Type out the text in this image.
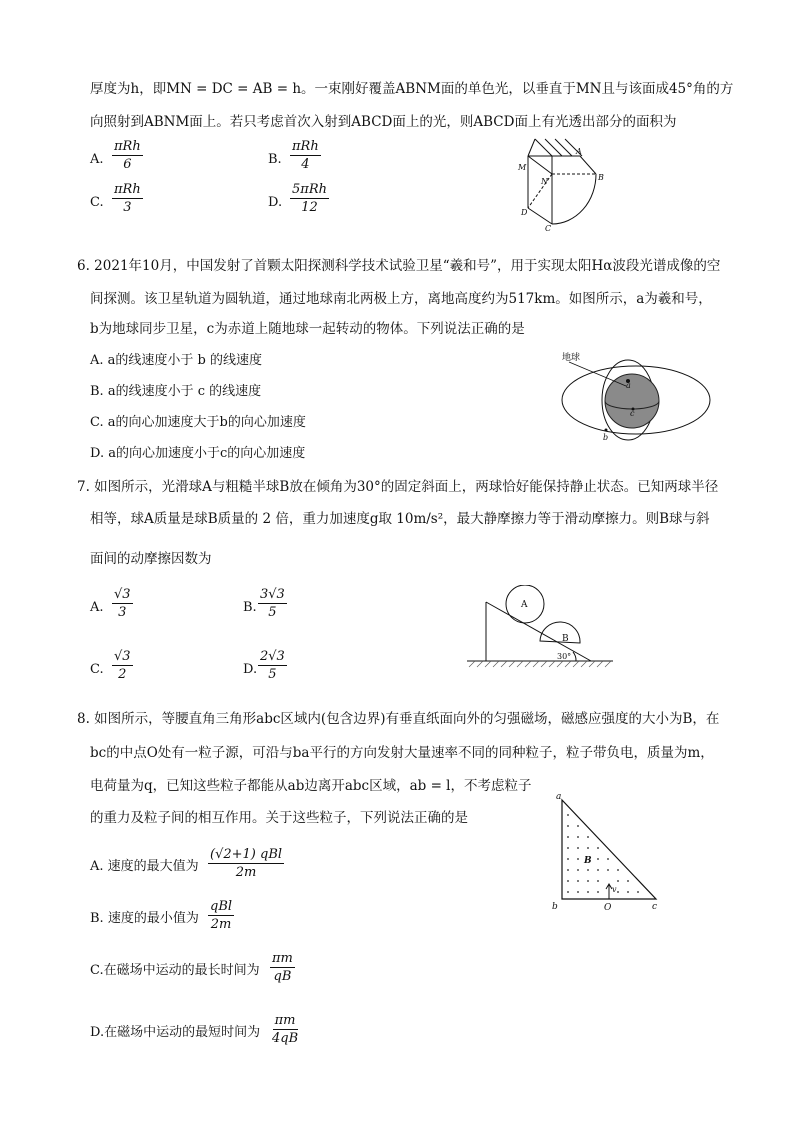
厚度为h，即MN = DC = AB = h。一束刚好覆盖ABNM面的单色光，以垂直于MN且与该面成45°角的方
向照射到ABNM面上。若只考虑首次入射到ABCD面上的光，则ABCD面上有光透出部分的面积为
A.
πRh
6	B.
πRh
4
C.
πRh
3	D.
5πRh
12
M
A
N	B
D
C
6. 2021年10月，中国发射了首颗太阳探测科学技术试验卫星“羲和号”，用于实现太阳Hα波段光谱成像的空
间探测。该卫星轨道为圆轨道，通过地球南北两极上方，离地高度约为517km。如图所示，a为羲和号，
b为地球同步卫星，c为赤道上随地球一起转动的物体。下列说法正确的是
A. a的线速度小于 b 的线速度
B. a的线速度小于 c 的线速度
C. a的向心加速度大于b的向心加速度
D. a的向心加速度小于c的向心加速度
地球
a
c
b
7. 如图所示，光滑球A与粗糙半球B放在倾角为30°的固定斜面上，两球恰好能保持静止状态。已知两球半径
相等，球A质量是球B质量的 2 倍，重力加速度g取 10m/s²，最大静摩擦力等于滑动摩擦力。则B球与斜
面间的动摩擦因数为
A. $\frac{√3}{3}$	B. $\frac{3√3}{5}$
C. $\frac{√3}{2}$	D. $\frac{2√3}{5}$
A
B
30°
8. 如图所示，等腰直角三角形abc区域内(包含边界)有垂直纸面向外的匀强磁场，磁感应强度的大小为B，在
bc的中点O处有一粒子源，可沿与ba平行的方向发射大量速率不同的同种粒子，粒子带负电，质量为m，
电荷量为q，已知这些粒子都能从ab边离开abc区域，ab = l，不考虑粒子
的重力及粒子间的相互作用。关于这些粒子，下列说法正确的是
A. 速度的最大值为
(√2+1) qBl
2m
B. 速度的最小值为
qBl
2m
C.在磁场中运动的最长时间为 $\frac{\pi m}{qB}$
D.在磁场中运动的最短时间为 $\frac{\pi m}{4qB}$
a
B
v
b	O	c
